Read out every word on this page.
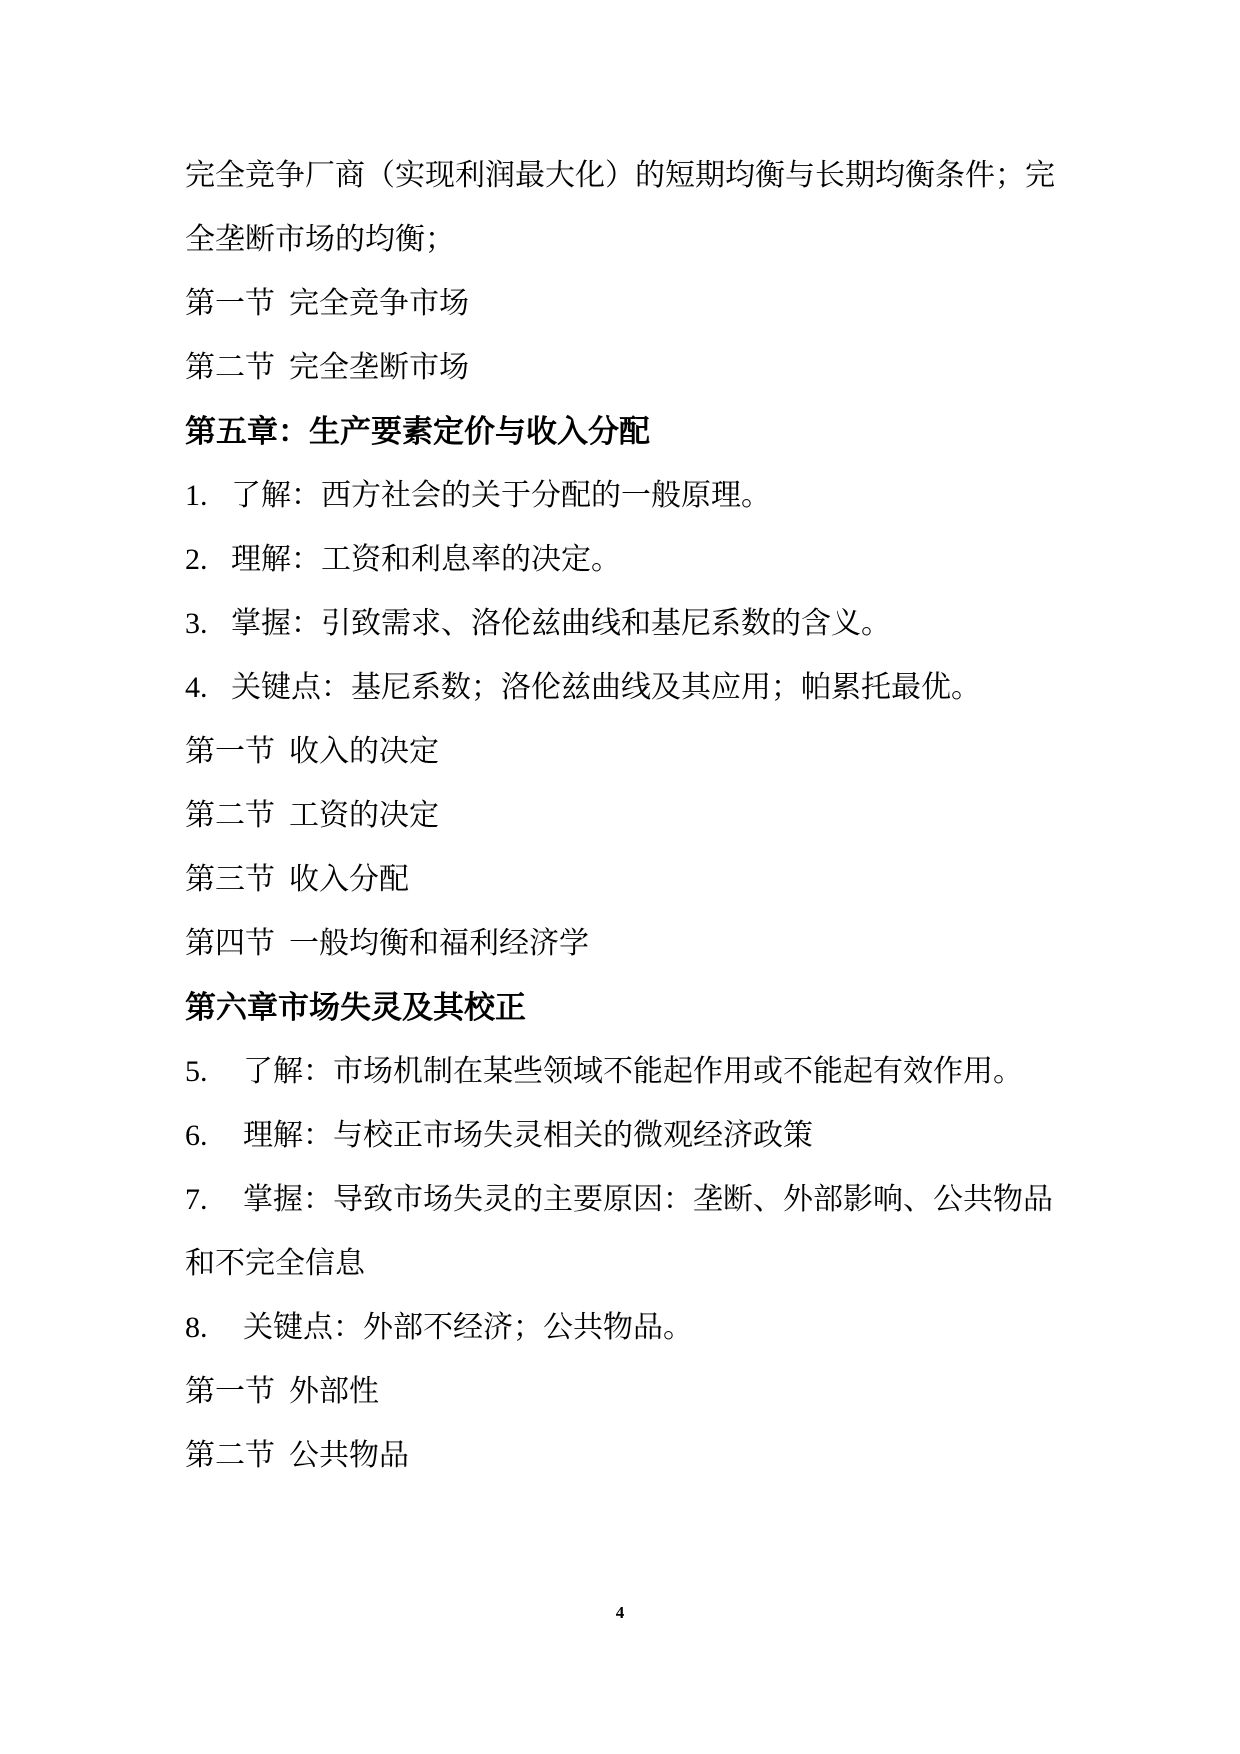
完全竞争厂商（实现利润最大化）的短期均衡与长期均衡条件；完
全垄断市场的均衡；
第一节 完全竞争市场
第二节 完全垄断市场
第五章：生产要素定价与收入分配
1. 了解：西方社会的关于分配的一般原理。
2. 理解：工资和利息率的决定。
3. 掌握：引致需求、洛伦兹曲线和基尼系数的含义。
4. 关键点：基尼系数；洛伦兹曲线及其应用；帕累托最优。
第一节 收入的决定
第二节 工资的决定
第三节 收入分配
第四节 一般均衡和福利经济学
第六章市场失灵及其校正
5. 了解：市场机制在某些领域不能起作用或不能起有效作用。
6. 理解：与校正市场失灵相关的微观经济政策
7. 掌握：导致市场失灵的主要原因：垄断、外部影响、公共物品
和不完全信息
8. 关键点：外部不经济；公共物品。
第一节 外部性
第二节 公共物品
4
